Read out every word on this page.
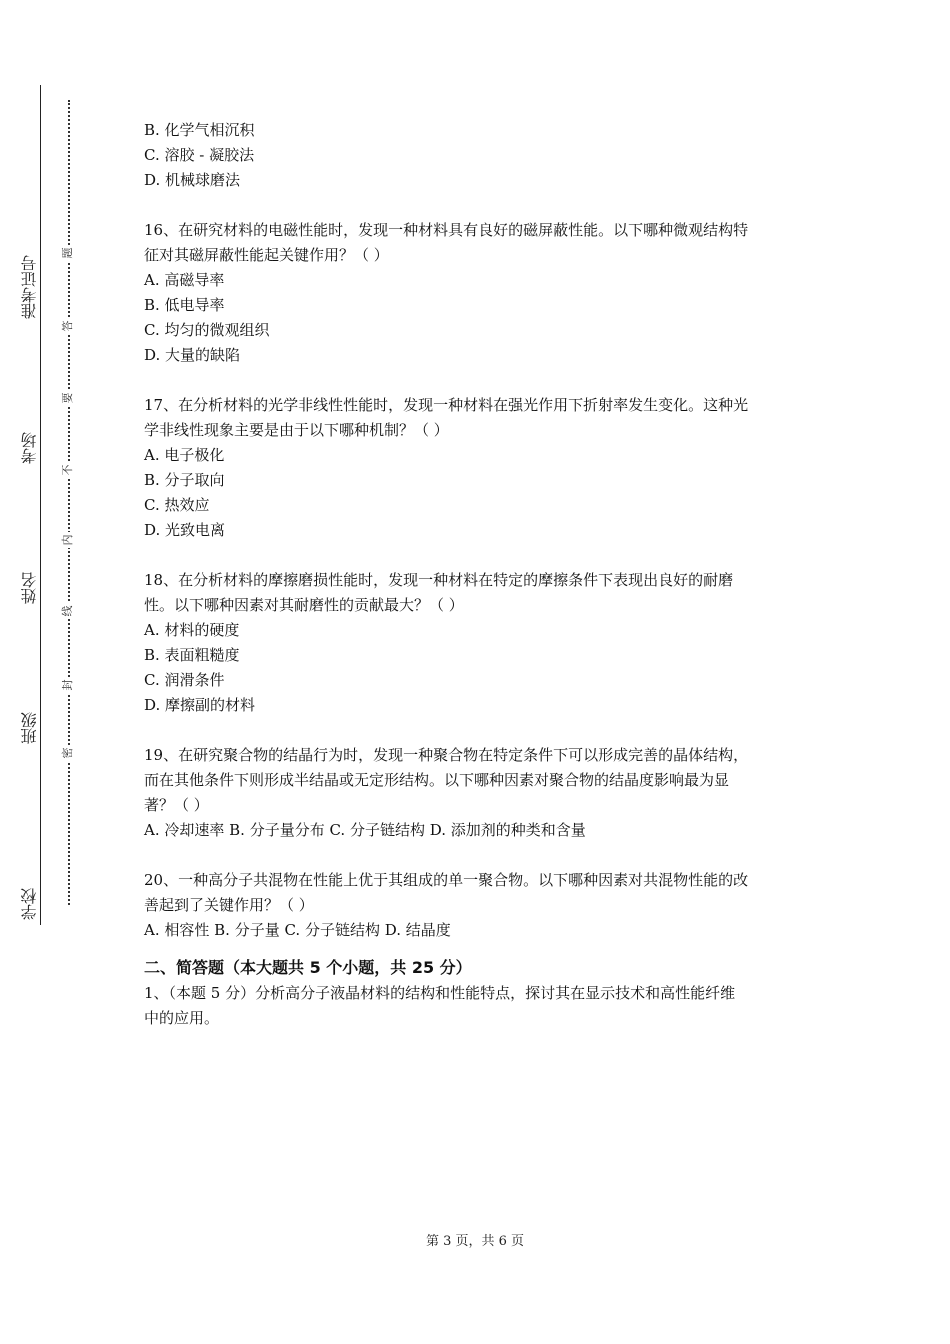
准考证号
考场
姓名
班级
学校
题
答
要
不
内
线
封
密

B. 化学气相沉积

C. 溶胶 - 凝胶法

D. 机械球磨法

16、在研究材料的电磁性能时，发现一种材料具有良好的磁屏蔽性能。以下哪种微观结构特

征对其磁屏蔽性能起关键作用？（ ）

A. 高磁导率

B. 低电导率

C. 均匀的微观组织

D. 大量的缺陷

17、在分析材料的光学非线性性能时，发现一种材料在强光作用下折射率发生变化。这种光

学非线性现象主要是由于以下哪种机制？（ ）

A. 电子极化

B. 分子取向

C. 热效应

D. 光致电离

18、在分析材料的摩擦磨损性能时，发现一种材料在特定的摩擦条件下表现出良好的耐磨

性。以下哪种因素对其耐磨性的贡献最大？（ ）

A. 材料的硬度

B. 表面粗糙度

C. 润滑条件

D. 摩擦副的材料

19、在研究聚合物的结晶行为时，发现一种聚合物在特定条件下可以形成完善的晶体结构，

而在其他条件下则形成半结晶或无定形结构。以下哪种因素对聚合物的结晶度影响最为显

著？（ ）

A. 冷却速率 B. 分子量分布 C. 分子链结构 D. 添加剂的种类和含量

20、一种高分子共混物在性能上优于其组成的单一聚合物。以下哪种因素对共混物性能的改

善起到了关键作用？（ ）

A. 相容性 B. 分子量 C. 分子链结构 D. 结晶度

二、简答题（本大题共 5 个小题，共 25 分）

1、（本题 5 分）分析高分子液晶材料的结构和性能特点，探讨其在显示技术和高性能纤维

中的应用。

第 3 页，共 6 页
